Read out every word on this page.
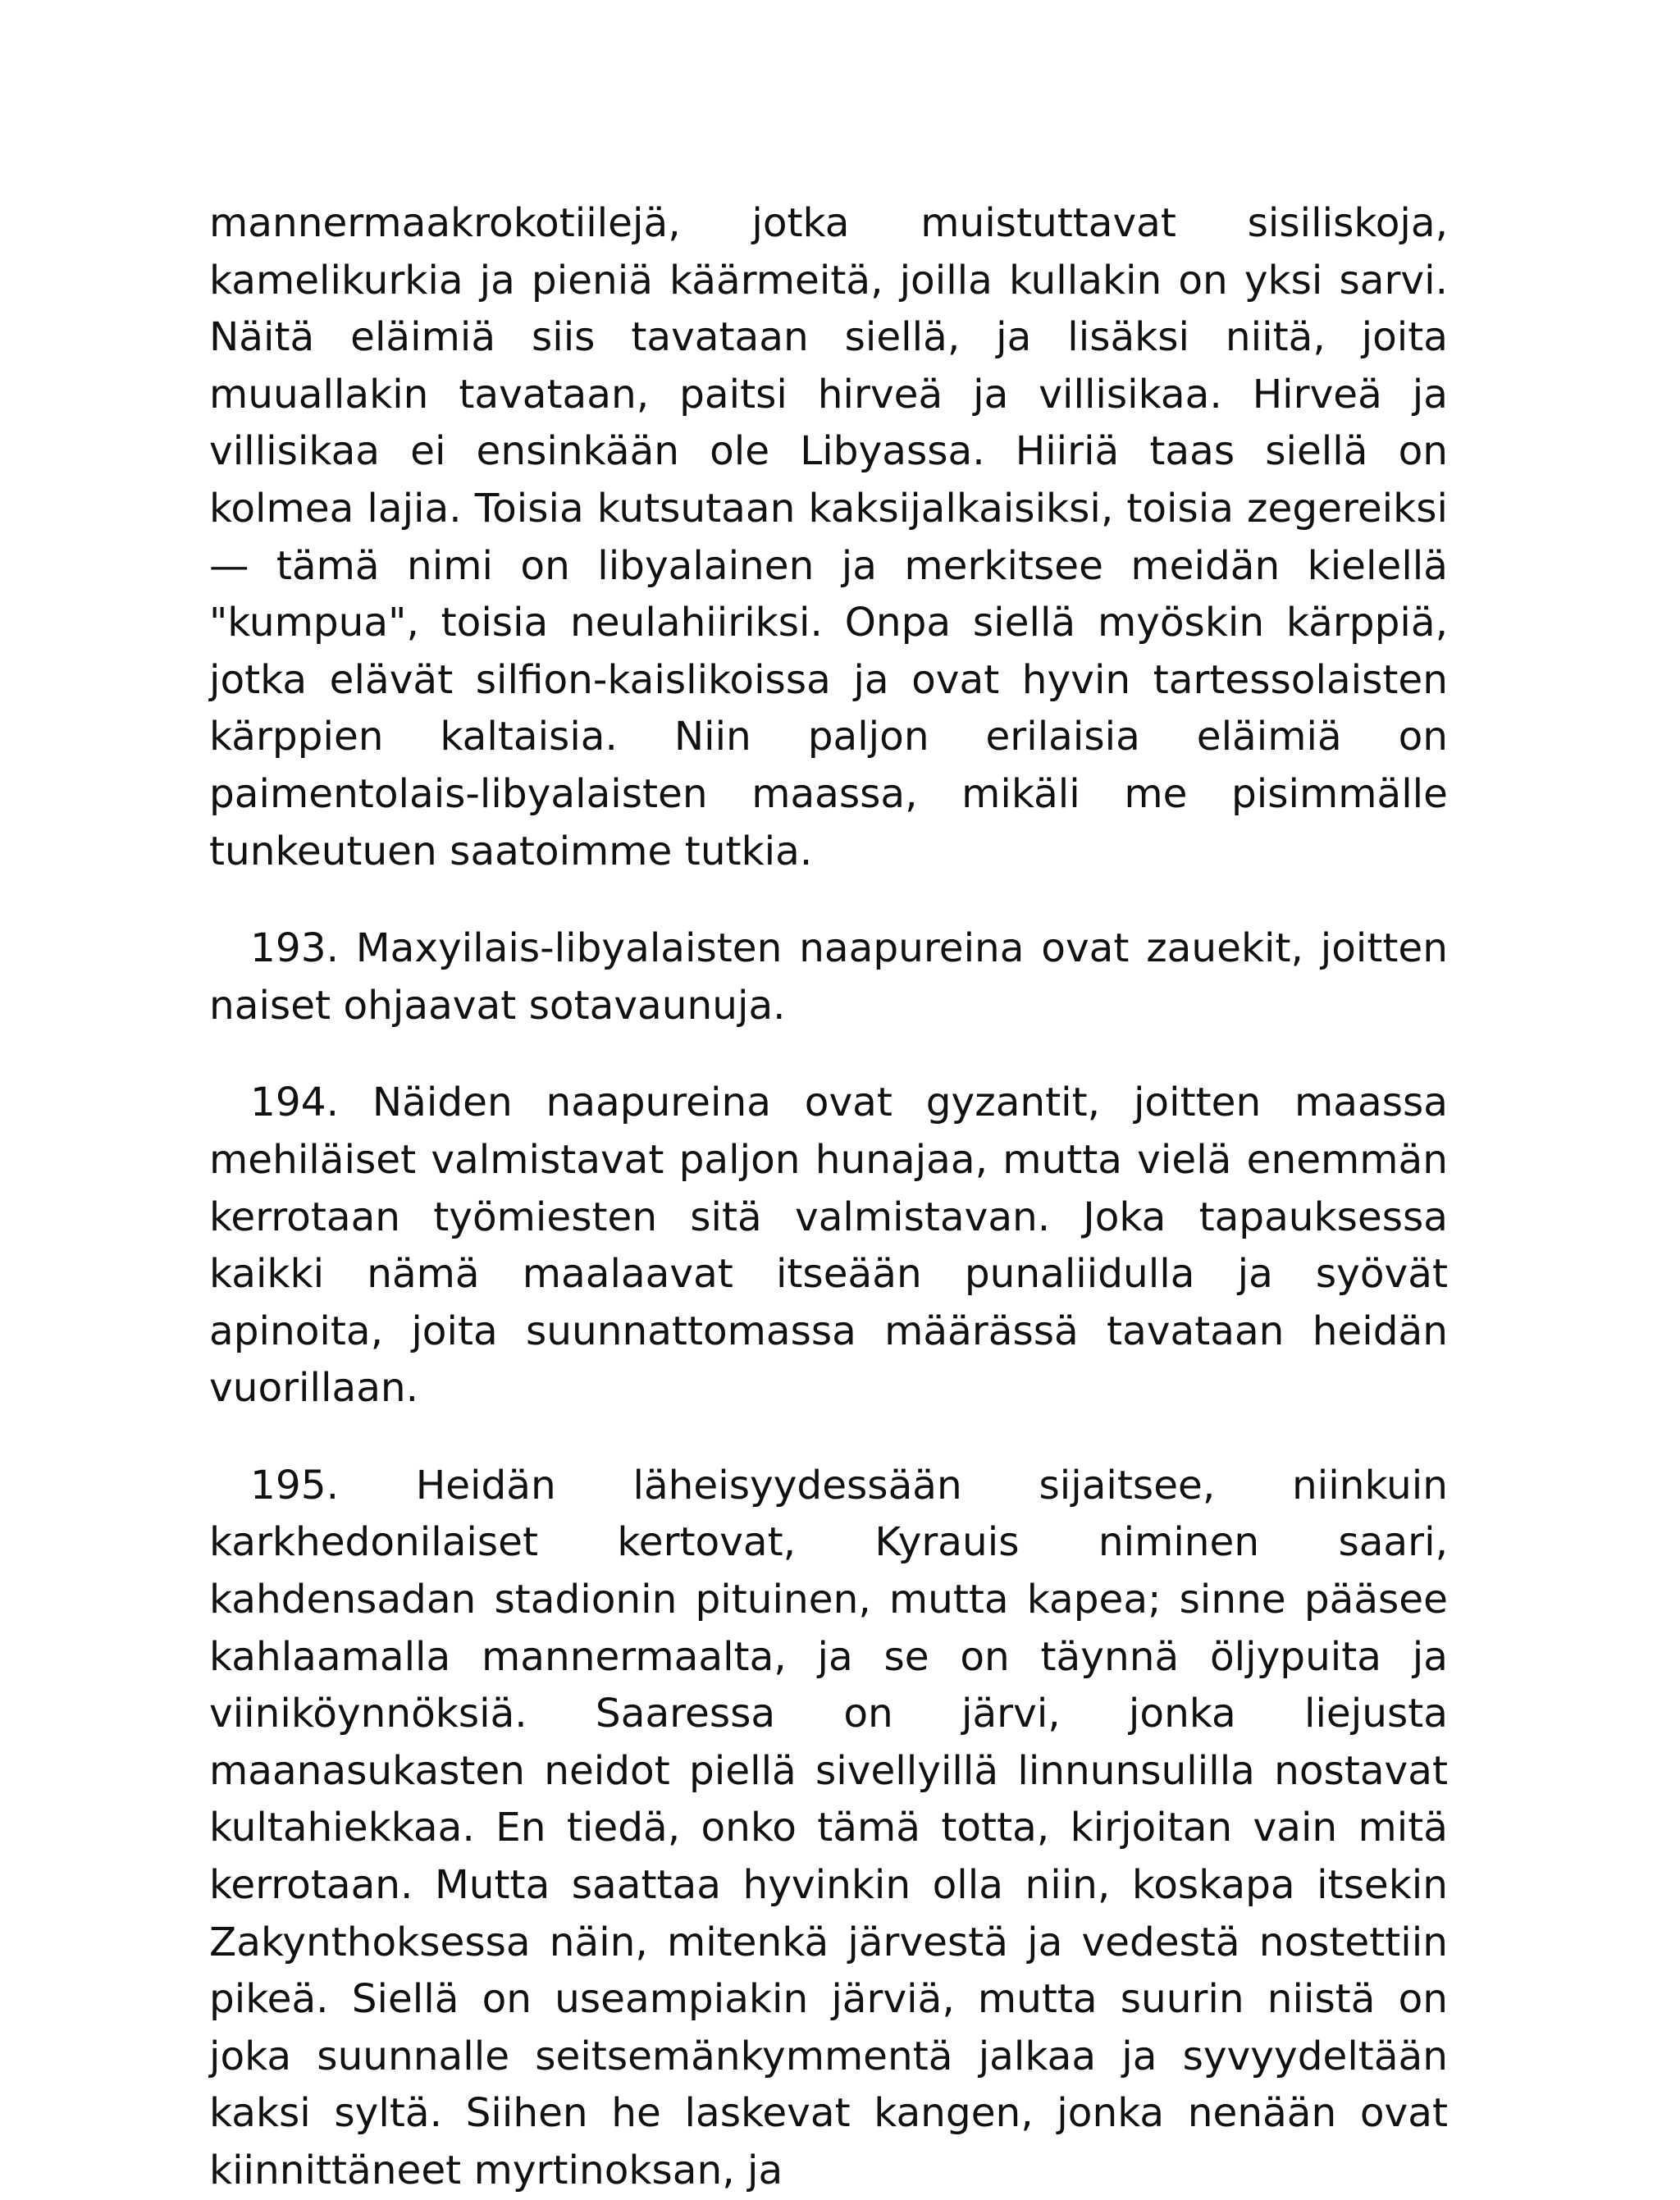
mannermaakrokotiilejä, jotka muistuttavat sisiliskoja, kamelikurkia ja pieniä käärmeitä, joilla kullakin on yksi sarvi. Näitä eläimiä siis tavataan siellä, ja lisäksi niitä, joita muuallakin tavataan, paitsi hirveä ja villisikaa. Hirveä ja villisikaa ei ensinkään ole Libyassa. Hiiriä taas siellä on kolmea lajia. Toisia kutsutaan kaksijalkaisiksi, toisia zegereiksi — tämä nimi on libyalainen ja merkitsee meidän kielellä "kumpua", toisia neulahiiriksi. Onpa siellä myöskin kärppiä, jotka elävät silfion-kaislikoissa ja ovat hyvin tartessolaisten kärppien kaltaisia. Niin paljon erilaisia eläimiä on paimentolais-libyalaisten maassa, mikäli me pisimmälle tunkeutuen saatoimme tutkia.

193. Maxyilais-libyalaisten naapureina ovat zauekit, joitten naiset ohjaavat sotavaunuja.

194. Näiden naapureina ovat gyzantit, joitten maassa mehiläiset valmistavat paljon hunajaa, mutta vielä enemmän kerrotaan työmiesten sitä valmistavan. Joka tapauksessa kaikki nämä maalaavat itseään punaliidulla ja syövät apinoita, joita suunnattomassa määrässä tavataan heidän vuorillaan.

195. Heidän läheisyydessään sijaitsee, niinkuin karkhedonilaiset kertovat, Kyrauis niminen saari, kahdensadan stadionin pituinen, mutta kapea; sinne pääsee kahlaamalla mannermaalta, ja se on täynnä öljypuita ja viiniköynnöksiä. Saaressa on järvi, jonka liejusta maanasukasten neidot piellä sivellyillä linnunsulilla nostavat kultahiekkaa. En tiedä, onko tämä totta, kirjoitan vain mitä kerrotaan. Mutta saattaa hyvinkin olla niin, koskapa itsekin Zakynthoksessa näin, mitenkä järvestä ja vedestä nostettiin pikeä. Siellä on useampiakin järviä, mutta suurin niistä on joka suunnalle seitsemänkymmentä jalkaa ja syvyydeltään kaksi syltä. Siihen he laskevat kangen, jonka nenään ovat kiinnittäneet myrtinoksan, ja
